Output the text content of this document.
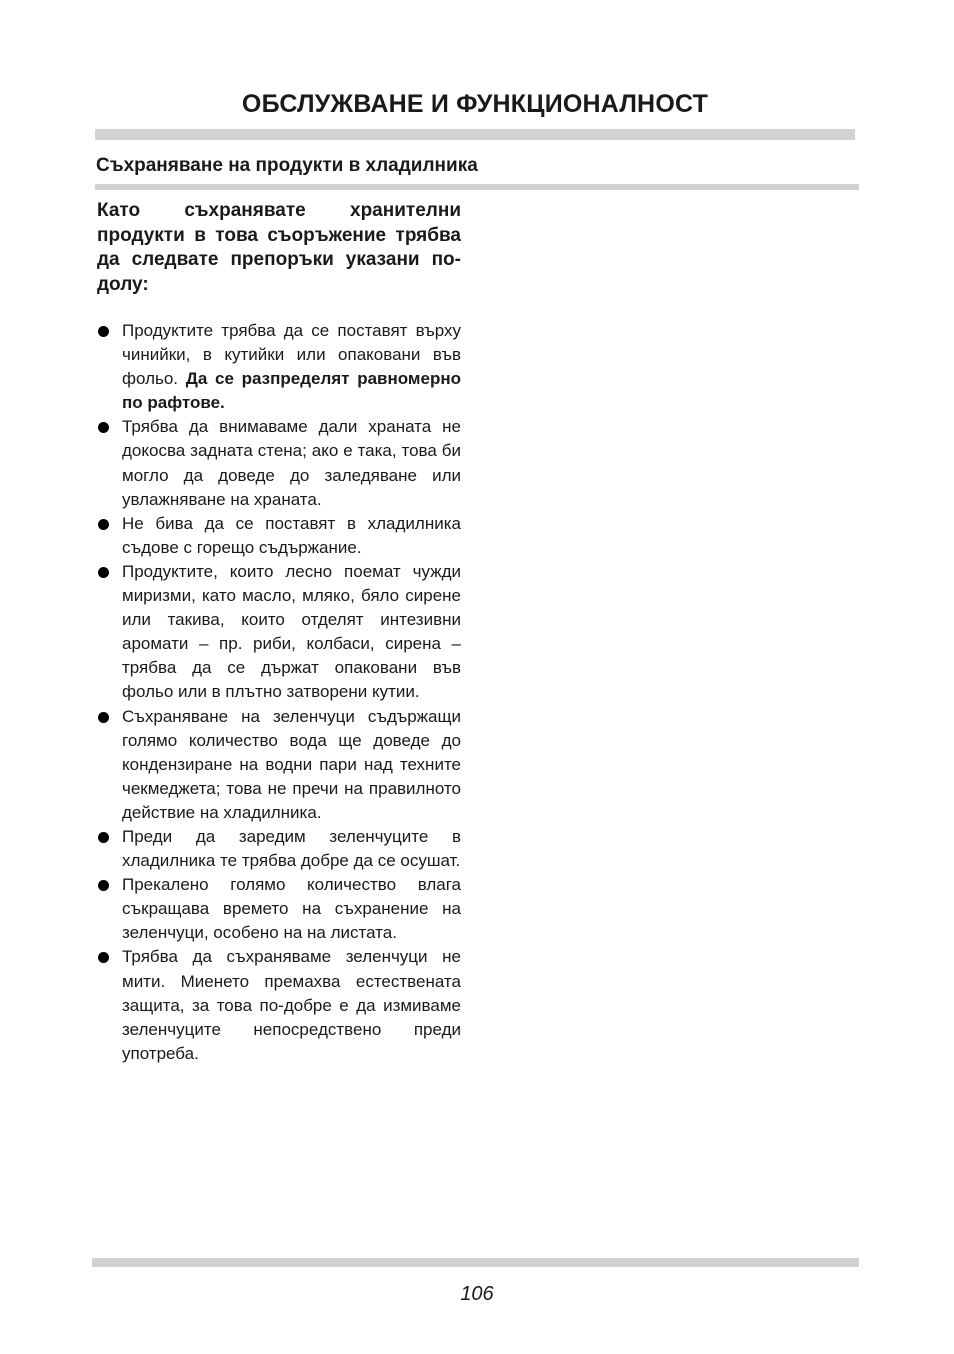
ОБСЛУЖВАНЕ И ФУНКЦИОНАЛНОСТ
Съхраняване на продукти в хладилника
Като съхранявате хранителни продукти в това съоръжение трябва да следвате препоръки указани по-долу:
Продуктите трябва да се поставят върху чинийки, в кутийки или опаковани във фольо. Да се разпределят равномерно по рафтове.
Трябва да внимаваме дали храната не докосва задната стена; ако е така, това би могло да доведе до заледяване или увлажняване на храната.
Не бива да се поставят в хладилника съдове с горещо съдържание.
Продуктите, които лесно поемат чужди миризми, като масло, мляко, бяло сирене или такива, които отделят интезивни аромати – пр. риби, колбаси, сирена – трябва да се държат опаковани във фольо или в плътно затворени кутии.
Съхраняване на зеленчуци съдържащи голямо количество вода ще доведе до кондензиране на водни пари над техните чекмеджета; това не пречи на правилното действие на хладилника.
Преди да заредим зеленчуците в хладилника те трябва добре да се осушат.
Прекалено голямо количество влага съкращава времето на съхранение на зеленчуци, особено на на листата.
Трябва да съхраняваме зеленчуци не мити. Миенето премахва естествената защита, за това по-добре е да измиваме зеленчуците непосредствено преди употреба.
106
